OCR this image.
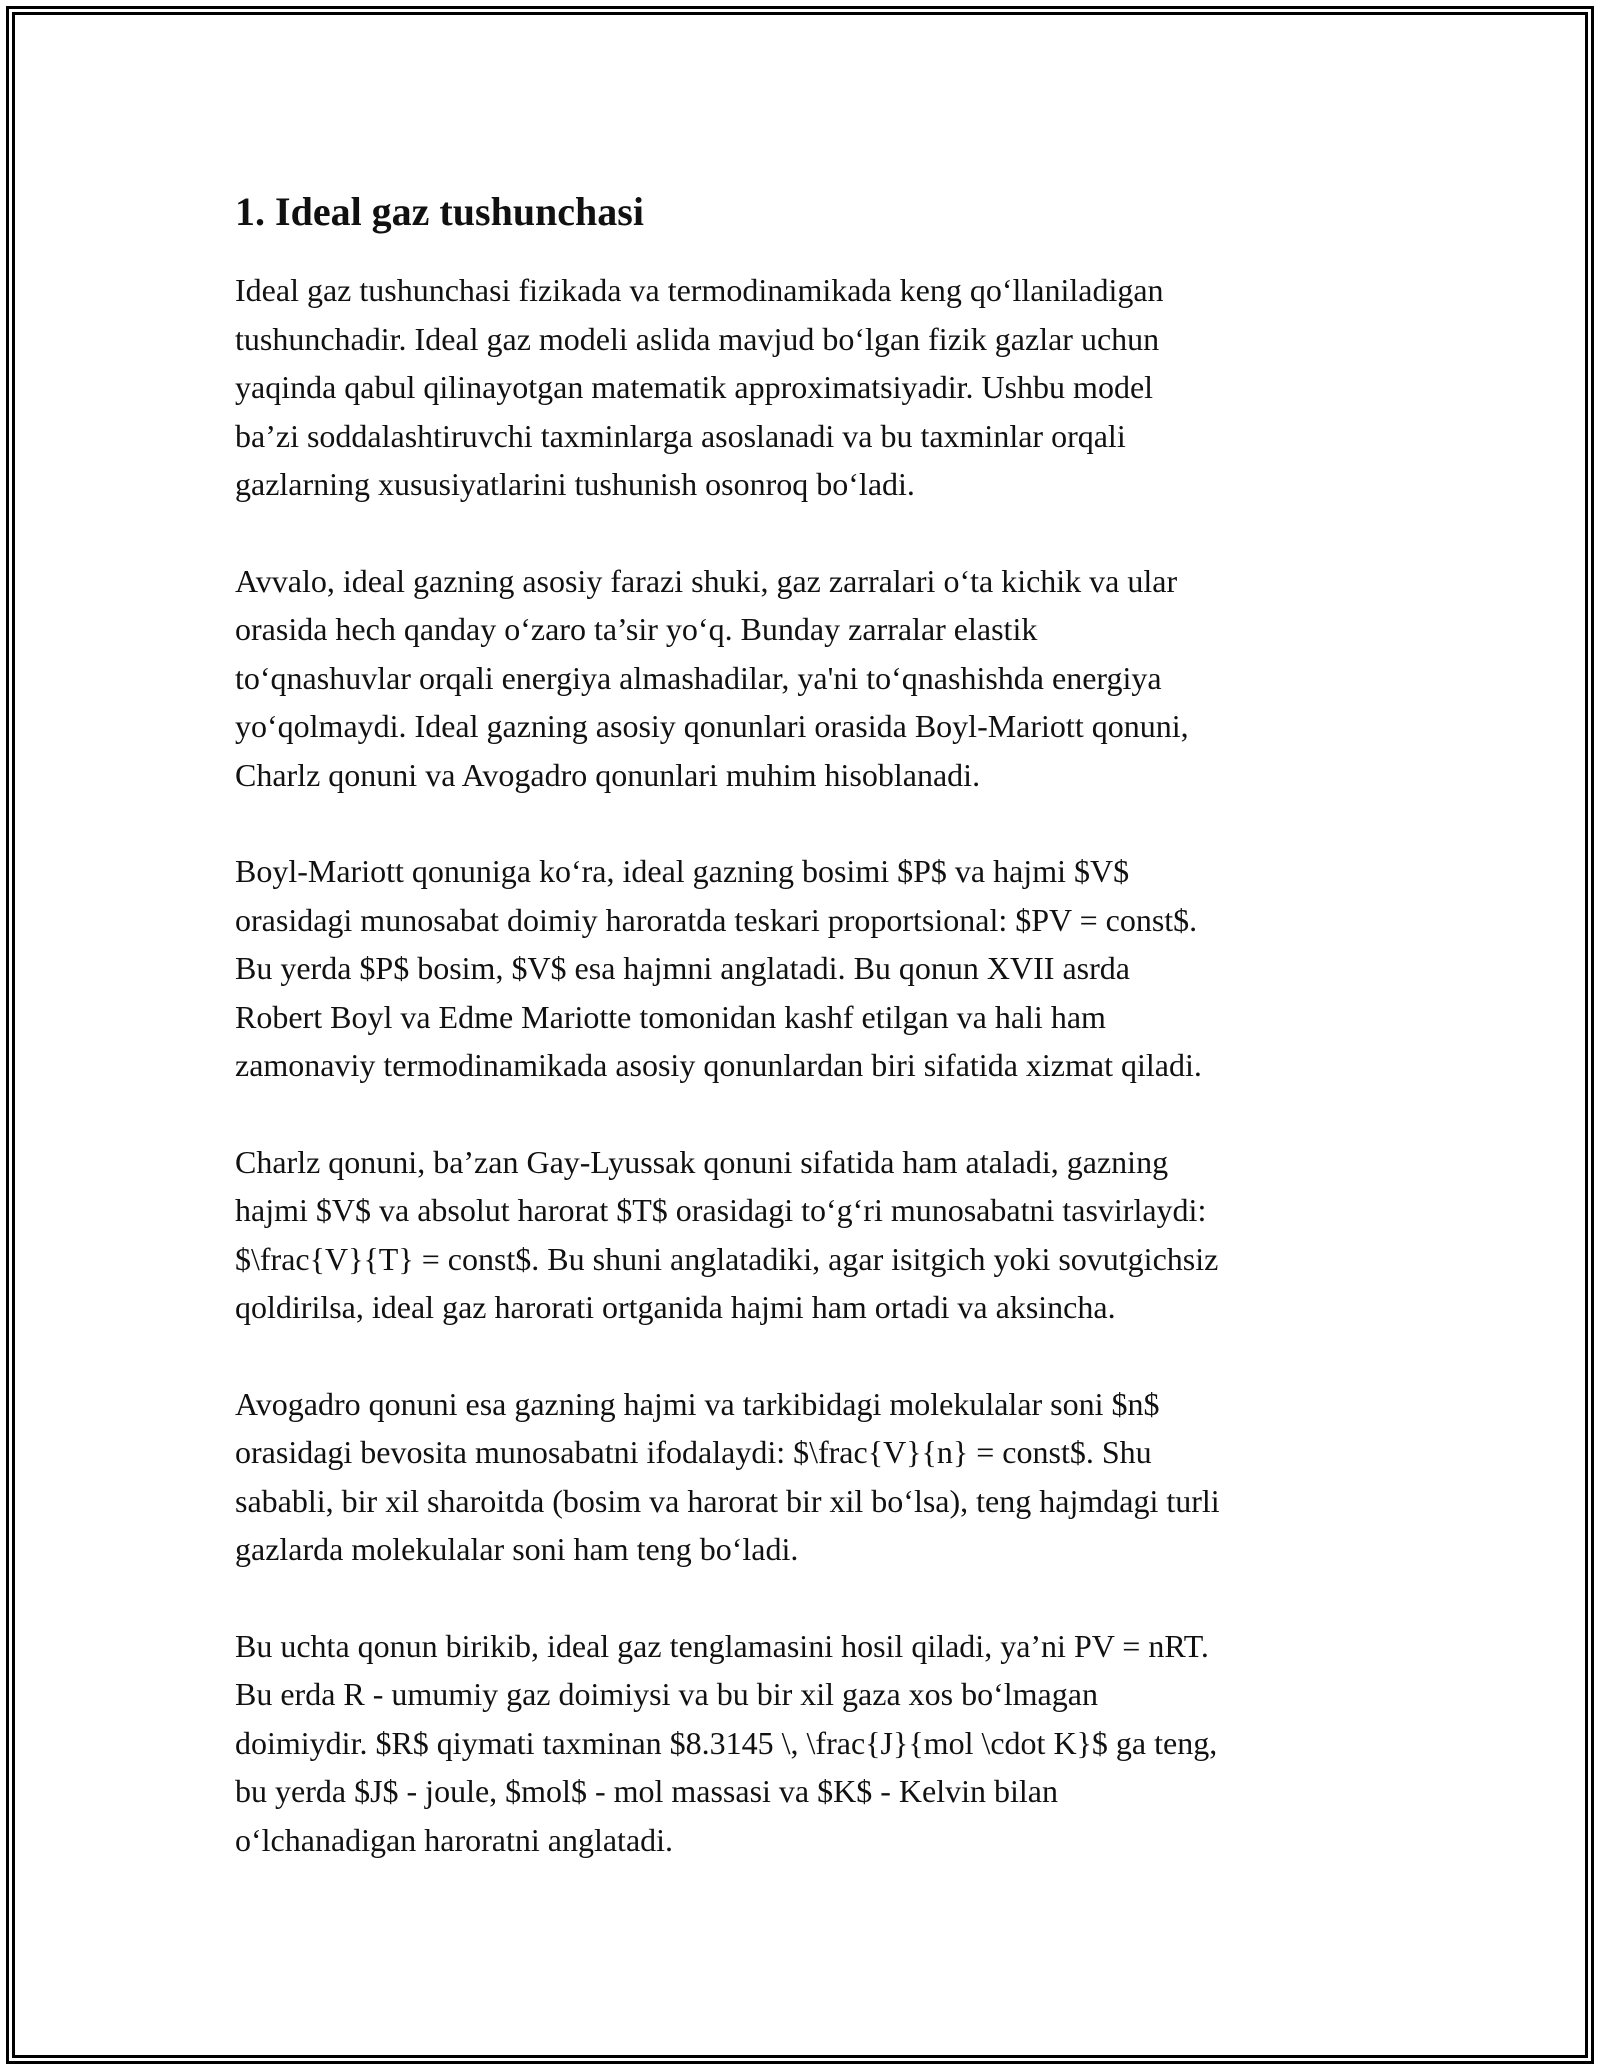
1. Ideal gaz tushunchasi

Ideal gaz tushunchasi fizikada va termodinamikada keng qo‘llaniladigan
tushunchadir. Ideal gaz modeli aslida mavjud bo‘lgan fizik gazlar uchun
yaqinda qabul qilinayotgan matematik approximatsiyadir. Ushbu model
ba’zi soddalashtiruvchi taxminlarga asoslanadi va bu taxminlar orqali
gazlarning xususiyatlarini tushunish osonroq bo‘ladi.

Avvalo, ideal gazning asosiy farazi shuki, gaz zarralari o‘ta kichik va ular
orasida hech qanday o‘zaro ta’sir yo‘q. Bunday zarralar elastik
to‘qnashuvlar orqali energiya almashadilar, ya'ni to‘qnashishda energiya
yo‘qolmaydi. Ideal gazning asosiy qonunlari orasida Boyl-Mariott qonuni,
Charlz qonuni va Avogadro qonunlari muhim hisoblanadi.

Boyl-Mariott qonuniga ko‘ra, ideal gazning bosimi $P$ va hajmi $V$
orasidagi munosabat doimiy haroratda teskari proportsional: $PV = const$.
Bu yerda $P$ bosim, $V$ esa hajmni anglatadi. Bu qonun XVII asrda
Robert Boyl va Edme Mariotte tomonidan kashf etilgan va hali ham
zamonaviy termodinamikada asosiy qonunlardan biri sifatida xizmat qiladi.

Charlz qonuni, ba’zan Gay-Lyussak qonuni sifatida ham ataladi, gazning
hajmi $V$ va absolut harorat $T$ orasidagi to‘g‘ri munosabatni tasvirlaydi:
$\frac{V}{T} = const$. Bu shuni anglatadiki, agar isitgich yoki sovutgichsiz
qoldirilsa, ideal gaz harorati ortganida hajmi ham ortadi va aksincha.

Avogadro qonuni esa gazning hajmi va tarkibidagi molekulalar soni $n$
orasidagi bevosita munosabatni ifodalaydi: $\frac{V}{n} = const$. Shu
sababli, bir xil sharoitda (bosim va harorat bir xil bo‘lsa), teng hajmdagi turli
gazlarda molekulalar soni ham teng bo‘ladi.

Bu uchta qonun birikib, ideal gaz tenglamasini hosil qiladi, ya’ni PV = nRT.
Bu erda R - umumiy gaz doimiysi va bu bir xil gaza xos bo‘lmagan
doimiydir. $R$ qiymati taxminan $8.3145 \, \frac{J}{mol \cdot K}$ ga teng,
bu yerda $J$ - joule, $mol$ - mol massasi va $K$ - Kelvin bilan
o‘lchanadigan haroratni anglatadi.
